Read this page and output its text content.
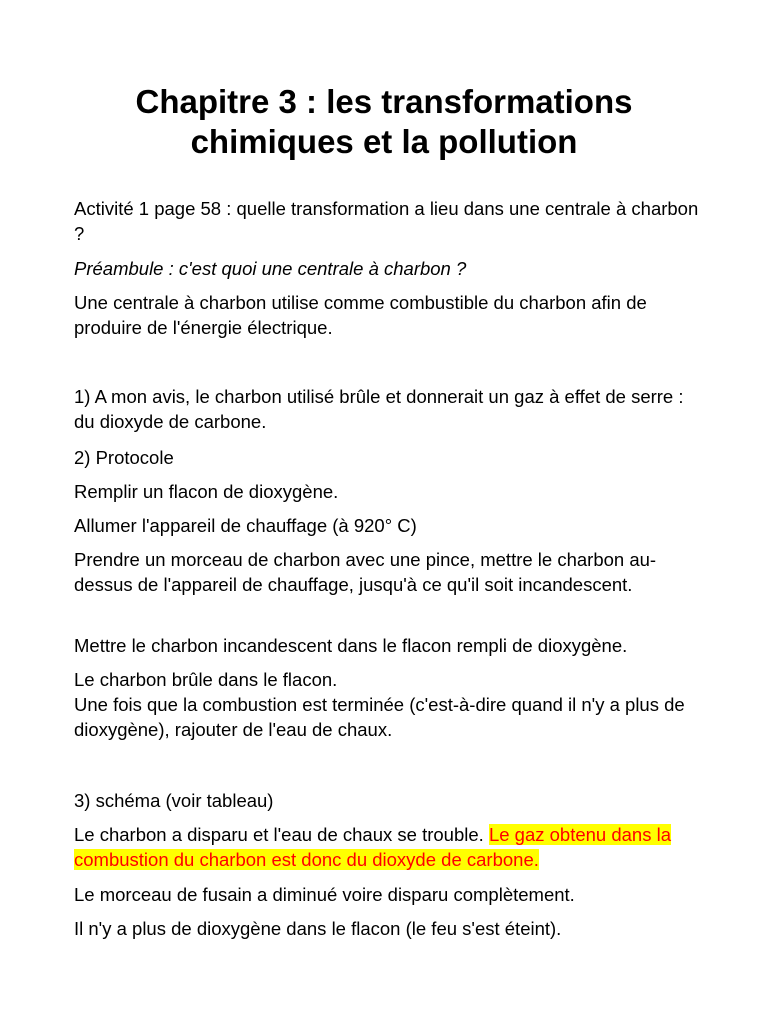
Chapitre 3 : les transformations chimiques et la pollution

Activité 1 page 58 : quelle transformation a lieu dans une centrale à charbon ?

Préambule : c'est quoi une centrale à charbon ?

Une centrale à charbon utilise comme combustible du charbon afin de produire de l'énergie électrique.

1) A mon avis, le charbon utilisé brûle et donnerait un gaz à effet de serre : du dioxyde de carbone.

2) Protocole

Remplir un flacon de dioxygène.

Allumer l'appareil de chauffage (à 920° C)

Prendre un morceau de charbon avec une pince, mettre le charbon au-dessus de l'appareil de chauffage, jusqu'à ce qu'il soit incandescent.

Mettre le charbon incandescent dans le flacon rempli de dioxygène.

Le charbon brûle dans le flacon.
Une fois que la combustion est terminée (c'est-à-dire quand il n'y a plus de dioxygène), rajouter de l'eau de chaux.

3) schéma (voir tableau)

Le charbon a disparu et l'eau de chaux se trouble. Le gaz obtenu dans la combustion du charbon est donc du dioxyde de carbone.

Le morceau de fusain a diminué voire disparu complètement.

Il n'y a plus de dioxygène dans le flacon (le feu s'est éteint).
